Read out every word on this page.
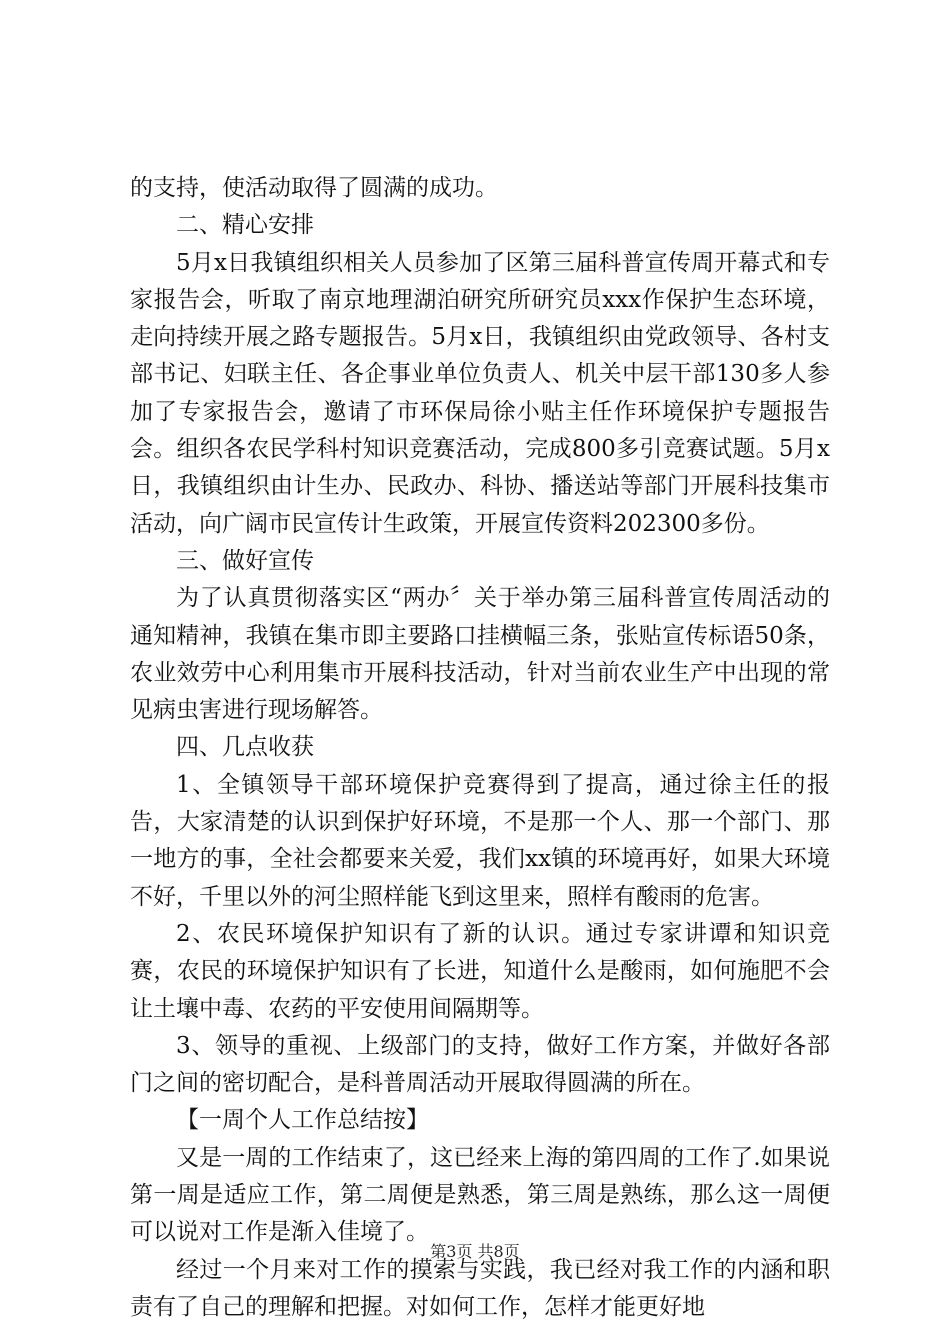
的支持，使活动取得了圆满的成功。

二、精心安排

5月x日我镇组织相关人员参加了区第三届科普宣传周开幕式和专家报告会，听取了南京地理湖泊研究所研究员xxx作保护生态环境，走向持续开展之路专题报告。5月x日，我镇组织由党政领导、各村支部书记、妇联主任、各企事业单位负责人、机关中层干部130多人参加了专家报告会，邀请了市环保局徐小贴主任作环境保护专题报告会。组织各农民学科村知识竞赛活动，完成800多引竞赛试题。5月x日，我镇组织由计生办、民政办、科协、播送站等部门开展科技集市活动，向广阔市民宣传计生政策，开展宣传资料202300多份。

三、做好宣传

为了认真贯彻落实区“两办〞关于举办第三届科普宣传周活动的通知精神，我镇在集市即主要路口挂横幅三条，张贴宣传标语50条，农业效劳中心利用集市开展科技活动，针对当前农业生产中出现的常见病虫害进行现场解答。

四、几点收获

1、全镇领导干部环境保护竞赛得到了提高，通过徐主任的报告，大家清楚的认识到保护好环境，不是那一个人、那一个部门、那一地方的事，全社会都要来关爱，我们xx镇的环境再好，如果大环境不好，千里以外的河尘照样能飞到这里来，照样有酸雨的危害。

2、农民环境保护知识有了新的认识。通过专家讲谭和知识竞赛，农民的环境保护知识有了长进，知道什么是酸雨，如何施肥不会让土壤中毒、农药的平安使用间隔期等。

3、领导的重视、上级部门的支持，做好工作方案，并做好各部门之间的密切配合，是科普周活动开展取得圆满的所在。

【一周个人工作总结按】

又是一周的工作结束了，这已经来上海的第四周的工作了.如果说第一周是适应工作，第二周便是熟悉，第三周是熟练，那么这一周便可以说对工作是渐入佳境了。

经过一个月来对工作的摸索与实践，我已经对我工作的内涵和职责有了自己的理解和把握。对如何工作，怎样才能更好地

第3页 共8页
